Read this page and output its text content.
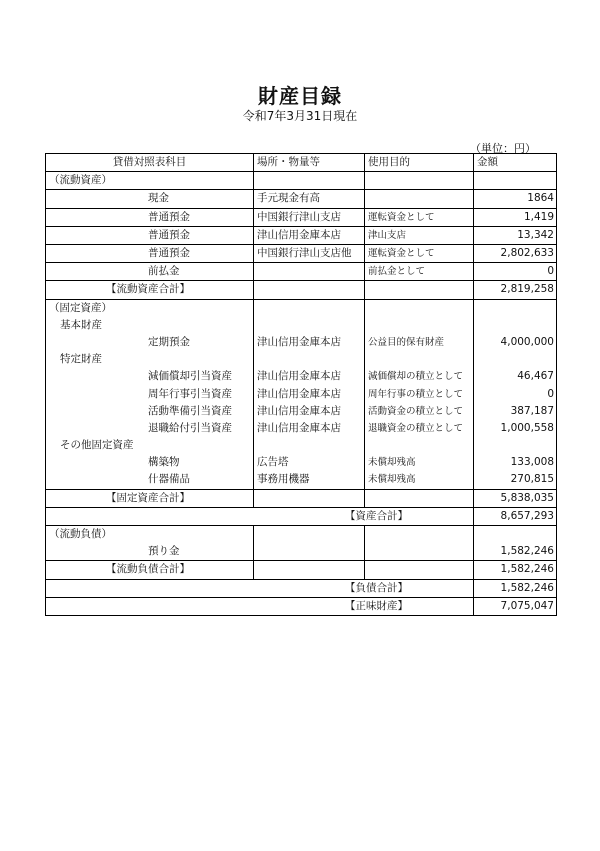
財産目録
令和7年3月31日現在
（単位：円）
貸借対照表科目	場所・物量等	使用目的	金額
（流動資産）			
現金	手元現金有高		1864
普通預金	中国銀行津山支店	運転資金として	1,419
普通預金	津山信用金庫本店	津山支店	13,342
普通預金	中国銀行津山支店他	運転資金として	2,802,633
前払金		前払金として	0
【流動資産合計】			2,819,258
（固定資産）			
基本財産			
定期預金	津山信用金庫本店	公益目的保有財産	4,000,000
特定財産			
減価償却引当資産	津山信用金庫本店	減価償却の積立として	46,467
周年行事引当資産	津山信用金庫本店	周年行事の積立として	0
活動準備引当資産	津山信用金庫本店	活動資金の積立として	387,187
退職給付引当資産	津山信用金庫本店	退職資金の積立として	1,000,558
その他固定資産			
構築物	広告塔	未償却残高	133,008
什器備品	事務用機器	未償却残高	270,815
【固定資産合計】			5,838,035
【資産合計】			8,657,293
（流動負債）			
預り金			1,582,246
【流動負債合計】			1,582,246
【負債合計】			1,582,246
【正味財産】			7,075,047
